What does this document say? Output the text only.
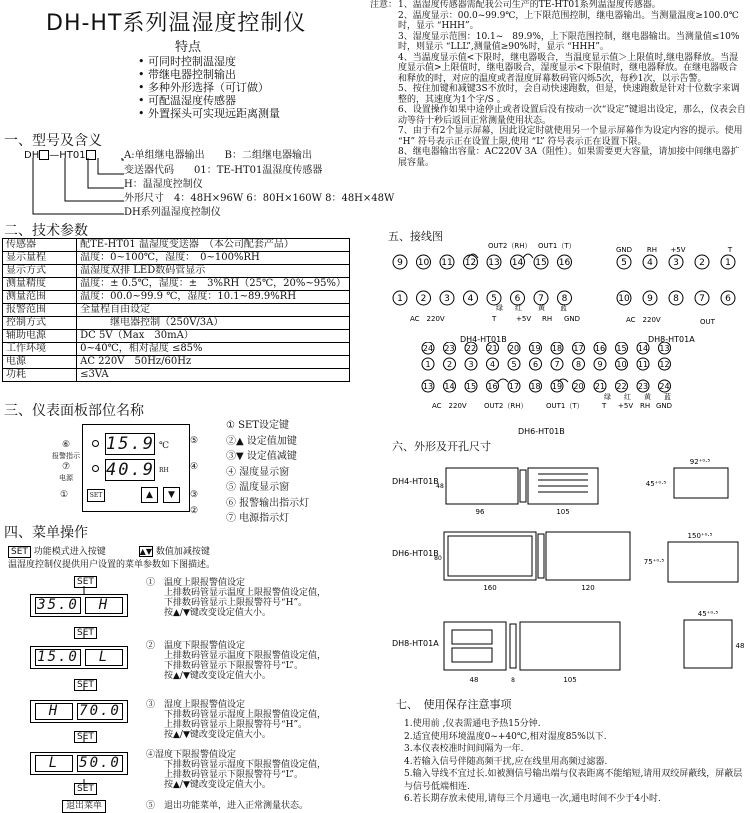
DH-HT系列温湿度控制仪
特点
• 可同时控制温湿度
• 带继电器控制输出
• 多种外形选择（可订做）
• 可配温湿度传感器
• 外置探头可实现远距离测量
一、型号及含义
DH —HT01	A:单组继电器输出　　B：二组继电器输出
变送器代码　　01：TE-HT01温湿度传感器
H：温湿度控制仪
外形尺寸　4：48H×96W 6：80H×160W 8：48H×48W
DH系列温湿度控制仪
二、技术参数
传感器	配TE-HT01 温湿度变送器　（本公司配套产品）
显示量程	温度：0~100℃，湿度：　0~100%RH
显示方式	温湿度双排 LED数码管显示
测量精度	温度：± 0.5℃，湿度：±　3%RH（25℃，20%~95%）
测量范围	温度：00.0~99.9 ℃，湿度：10.1~89.9%RH
报警范围	全量程自由设定
控制方式	　　　继电器控制（250V/3A）
辅助电源	DC 5V（Max　30mA）
工作环境	0~40℃，相对湿度 ≤85%
电源	AC 220V　50Hz/60Hz
功耗	≤3VA
三、仪表面板部位名称
15.9 ℃
40.9 RH
SET	▲	▼
⑥
报警指示
⑦
电源
①
⑤
④
③
②
① SET设定键
②▲ 设定值加键
③▼ 设定值减键
④ 湿度显示窗
⑤ 温度显示窗
⑥ 报警输出指示灯
⑦ 电源指示灯
四、菜单操作
SET 功能模式进入按键	▲▼ 数值加减按键
温湿度控制仪提供用户设置的菜单参数如下图描述。
SET
SET
SET
SET
SET
35.0	H
15.0	L
H	70.0
L	50.0
退出菜单
①　温度上限报警值设定
上排数码管显示温度上限报警值设定值，
下排数码管显示上限报警符号“H”。
按▲/▼键改变设定值大小。
②　温度下限报警值设定
上排数码管显示温度下限报警值设定值，
下排数码管显示下限报警符号“L”。
按▲/▼键改变设定值大小。
③　湿度上限报警值设定
下排数码管显示湿度上限报警值设定值，
上排数码管显示上限报警符号“H”。
按▲/▼键改变设定值大小。
④湿度下限报警值设定
下排数码管显示湿度下限报警值设定值，
上排数码管显示下限报警符号“L”。
按▲/▼键改变设定值大小。
⑤　退出功能菜单，进入正常测量状态。
注意： 1、温湿度传感器需配我公司生产的TE-HT01系列温湿度传感器。
2、温度显示：00.0~99.9℃，上下限范围控制，继电器输出。当测量温度≥100.0℃ 时，显示 “HHH”。
3、湿度显示范围：10.1~　89.9%，上下限范围控制，继电器输出。当测量值≤10% 时，则显示 “LLL”,测量值≥90%时，显示 “HHH”。
4、当温度显示值<下限时，继电器吸合，当温度显示值＞上限值时,继电器释放。当湿度显示值>上限值时，继电器吸合，湿度显示<下限值时，继电器释放。在继电器吸合和释放的时，对应的温度或者湿度屏幕数码管闪烁5次，每秒1次，以示告警。
5、按住加键和减键3S不放时，会自动快速跑数，但是，快速跑数是针对十位数字来调整的，其速度为1个字/S 。
6、设置操作如果中途停止或者设置后没有按动一次“设定”键退出设定，那么，仪表会自动等待十秒后返回正常测量使用状态。
7、由于有2个显示屏幕，因此设定时就使用另一个显示屏幕作为设定内容的提示。使用 “H” 符号表示正在设置上限,使用 “L” 符号表示正在设置下限。
8、继电器输出容量：AC220V 3A（阻性）。如果需要更大容量，请加接中间继电器扩展容量。
五、接线图
9 10 11 12 13 14 15 16
1 2 3 4 5 6 7 8
OUT2（RH） OUT1（T）
AC　220V
绿 红 黄 蓝
T	+5V RH GND
DH4-HT01B
GND RH +5V	T
5 4 3 2 1
10 9 8 7 6
AC　220V	OUT
DH8-HT01A
24 23 22 21 20 19 18 17 16 15 14 13
1 2 3 4 5 6 7 8 9 10 11 12
13 14 15 16 17 18 19 20 21 22 23 24
AC　220V OUT2（RH）	OUT1（T）
绿 红 黄 蓝
T +5V RH GND
DH6-HT01B
六、外形及开孔尺寸
DH4-HT01B
96	105
48
92⁺⁰·⁵
45⁺⁰·⁵
DH6-HT01B
160	120
80
150⁺⁰·⁵
75⁺⁰·⁵
DH8-HT01A
48	105
8
45⁺⁰·⁵
48
七、　使用保存注意事项
1.使用前 ,仪表需通电予热15分钟.
2.适宜使用环境温度0~+40℃,相对湿度85%以下.
3.本仪表校准时间间隔为一年.
4.若输入信号伴随高频干扰,应在线里用高频过滤器.
5.输入导线不宜过长.如被测信号输出端与仪表距离不能缩短,请用双绞屏蔽线，屏蔽层与信号低端相连.
6.若长期存放未使用,请每三个月通电一次,通电时间不少于4小时.
